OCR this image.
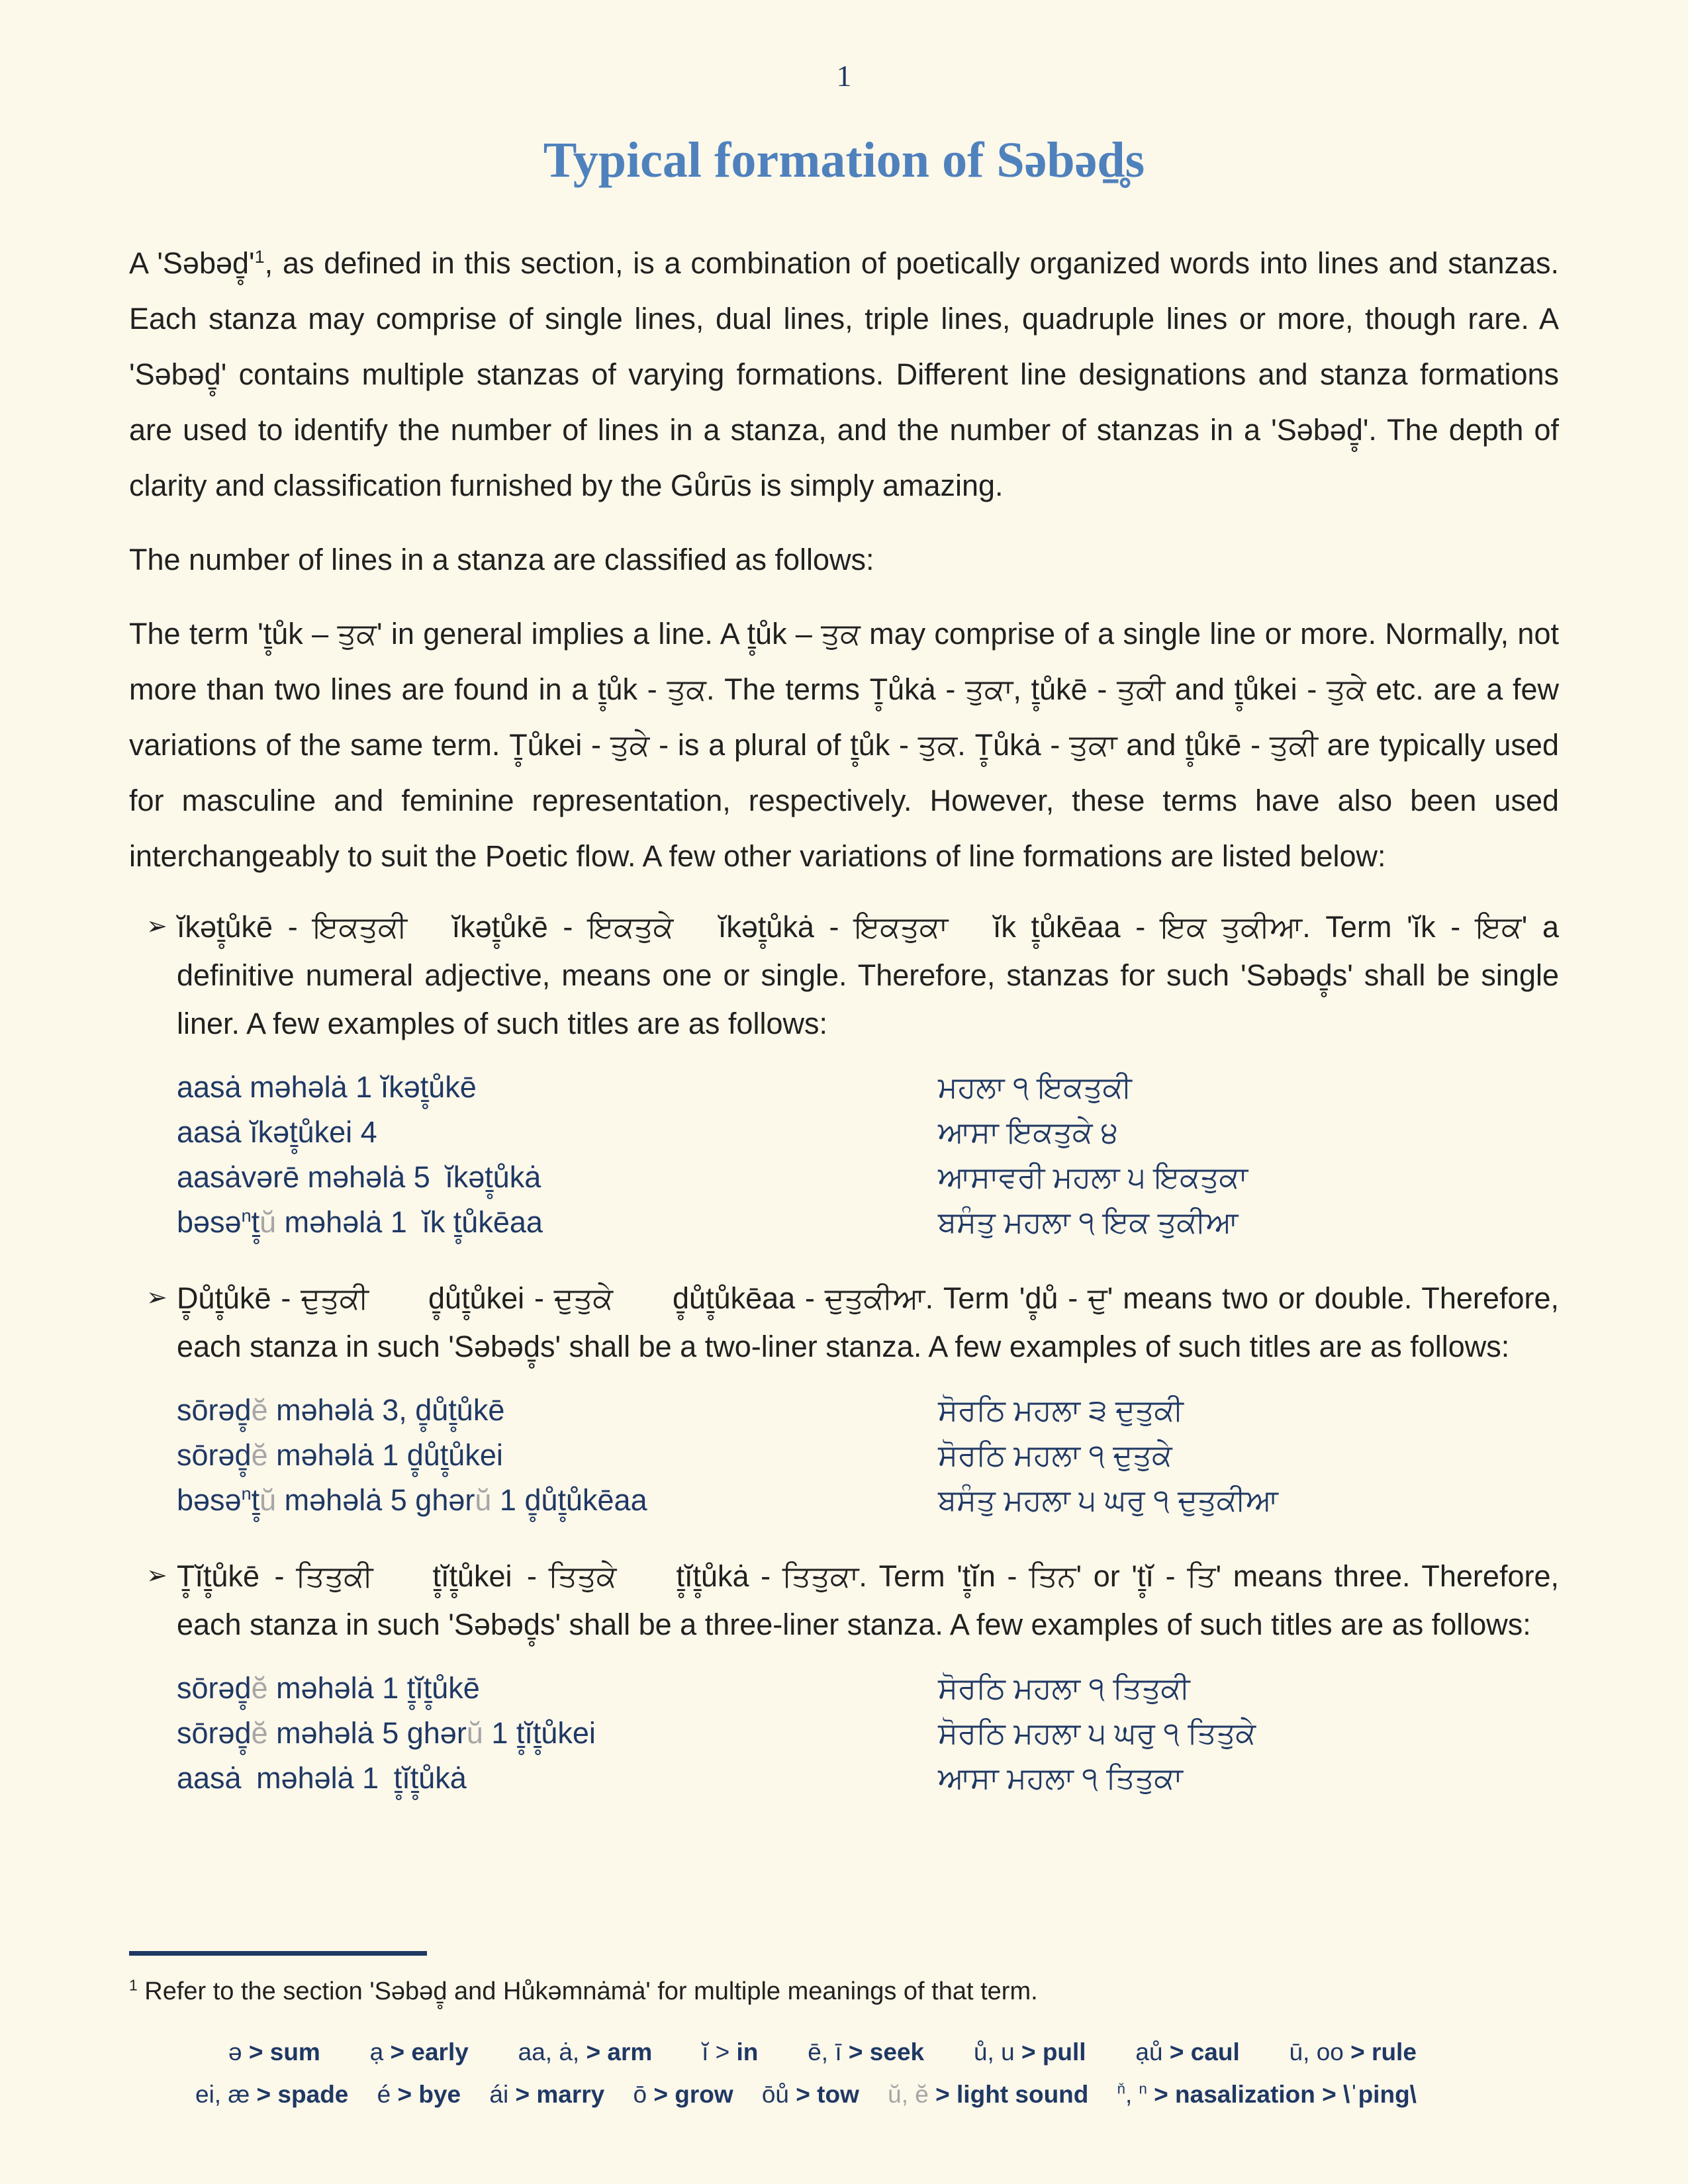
1
Typical formation of Səbəḏ̥s

A '$Səbəḏ̥'^1$, as defined in this section, is a combination of poetically organized words into lines and stanzas. Each stanza may comprise of single lines, dual lines, triple lines, quadruple lines or more, though rare. A 'Səbəḏ̥' contains multiple stanzas of varying formations. Different line designations and stanza formations are used to identify the number of lines in a stanza, and the number of stanzas in a 'Səbəḏ̥'. The depth of clarity and classification furnished by the Gůrūs is simply amazing.

The number of lines in a stanza are classified as follows:

The term 'ṯ̥ůk – ਤੁਕ' in general implies a line. A ṯ̥ůk – ਤੁਕ may comprise of a single line or more. Normally, not more than two lines are found in a ṯ̥ůk - ਤੁਕ. The terms Ṯ̥ůkȧ - ਤੁਕਾ, ṯ̥ůkē - ਤੁਕੀ and ṯ̥ůkei - ਤੁਕੇ etc. are a few variations of the same term. Ṯ̥ůkei - ਤੁਕੇ - is a plural of ṯ̥ůk - ਤੁਕ. Ṯ̥ůkȧ - ਤੁਕਾ and ṯ̥ůkē - ਤੁਕੀ are typically used for masculine and feminine representation, respectively. However, these terms have also been used interchangeably to suit the Poetic flow. A few other variations of line formations are listed below:

➢ ĭkəṯ̥ůkē - ਇਕਤੁਕੀ  ĭkəṯ̥ůkē - ਇਕਤੁਕੇ  ĭkəṯ̥ůkȧ - ਇਕਤੁਕਾ  ĭk ṯ̥ůkēaa - ਇਕ ਤੁਕੀਆ. Term 'ĭk - ਇਕ' a definitive numeral adjective, means one or single. Therefore, stanzas for such 'Səbəḏ̥s' shall be single liner. A few examples of such titles are as follows:

aasȧ məhəlȧ 1 ĭkəṯ̥ůkē	ਮਹਲਾ ੧ ਇਕਤੁਕੀ
aasȧ ĭkəṯ̥ůkei 4	ਆਸਾ ਇਕਤੁਕੇ ੪
aasȧvərē məhəlȧ 5 ĭkəṯ̥ůkȧ	ਆਸਾਵਰੀ ਮਹਲਾ ੫ ਇਕਤੁਕਾ
bəsə$^n$ṯ̥ŭ məhəlȧ 1 ĭk ṯ̥ůkēaa	ਬਸੰਤੁ ਮਹਲਾ ੧ ਇਕ ਤੁਕੀਆ
➢ Ḏ̥ůṯ̥ůkē - ਦੁਤੁਕੀ  ḏ̥ůṯ̥ůkei - ਦੁਤੁਕੇ  ḏ̥ůṯ̥ůkēaa - ਦੁਤੁਕੀਆ. Term 'ḏ̥ů - ਦੁ' means two or double. Therefore, each stanza in such 'Səbəḏ̥s' shall be a two-liner stanza. A few examples of such titles are as follows:

sōrəḏ̥ĕ məhəlȧ 3, ḏ̥ůṯ̥ůkē	ਸੋਰਠਿ ਮਹਲਾ ੩ ਦੁਤੁਕੀ
sōrəḏ̥ĕ məhəlȧ 1 ḏ̥ůṯ̥ůkei	ਸੋਰਠਿ ਮਹਲਾ ੧ ਦੁਤੁਕੇ
bəsə$^n$ṯ̥ŭ məhəlȧ 5 ghərŭ 1 ḏ̥ůṯ̥ůkēaa	ਬਸੰਤੁ ਮਹਲਾ ੫ ਘਰੁ ੧ ਦੁਤੁਕੀਆ
➢ Ṯ̥ĭṯ̥ůkē - ਤਿਤੁਕੀ  ṯ̥ĭṯ̥ůkei - ਤਿਤੁਕੇ  ṯ̥ĭṯ̥ůkȧ - ਤਿਤੁਕਾ. Term 'ṯ̥ĭn - ਤਿਨ' or 'ṯ̥ĭ - ਤਿ' means three. Therefore, each stanza in such 'Səbəḏ̥s' shall be a three-liner stanza. A few examples of such titles are as follows:

sōrəḏ̥ĕ məhəlȧ 1 ṯ̥ĭṯ̥ůkē	ਸੋਰਠਿ ਮਹਲਾ ੧ ਤਿਤੁਕੀ
sōrəḏ̥ĕ məhəlȧ 5 ghərŭ 1 ṯ̥ĭṯ̥ůkei	ਸੋਰਠਿ ਮਹਲਾ ੫ ਘਰੁ ੧ ਤਿਤੁਕੇ
aasȧ məhəlȧ 1 ṯ̥ĭṯ̥ůkȧ	ਆਸਾ ਮਹਲਾ ੧ ਤਿਤੁਕਾ

$^1$ Refer to the section 'Səbəḏ̥ and Hůkəmnȧmȧ' for multiple meanings of that term.

ə > sum ạ > early aa, ȧ, > arm ĭ > in ē, ī > seek ů, u > pull ạů > caul ū, oo > rule
ei, æ > spade é > bye ái > marry ō > grow ōů > tow ŭ, ĕ > light sound $^ň$, $^n$ > nasalization > \ˈping\
